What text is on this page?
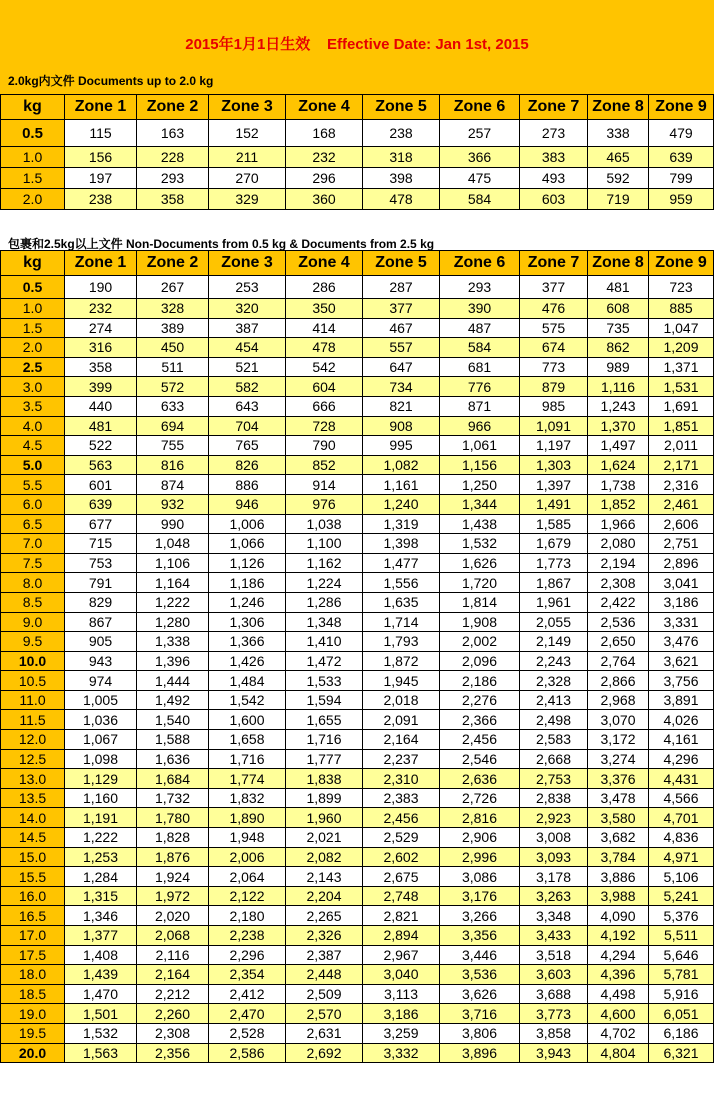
2015年1月1日生效    Effective Date: Jan 1st, 2015
2.0kg内文件 Documents up to 2.0 kg
kg	Zone 1	Zone 2	Zone 3	Zone 4	Zone 5	Zone 6	Zone 7	Zone 8	Zone 9
0.5	115	163	152	168	238	257	273	338	479
1.0	156	228	211	232	318	366	383	465	639
1.5	197	293	270	296	398	475	493	592	799
2.0	238	358	329	360	478	584	603	719	959
包裹和2.5kg以上文件 Non-Documents from 0.5 kg & Documents from 2.5 kg
kg	Zone 1	Zone 2	Zone 3	Zone 4	Zone 5	Zone 6	Zone 7	Zone 8	Zone 9
0.5	190	267	253	286	287	293	377	481	723
1.0	232	328	320	350	377	390	476	608	885
1.5	274	389	387	414	467	487	575	735	1,047
2.0	316	450	454	478	557	584	674	862	1,209
2.5	358	511	521	542	647	681	773	989	1,371
3.0	399	572	582	604	734	776	879	1,116	1,531
3.5	440	633	643	666	821	871	985	1,243	1,691
4.0	481	694	704	728	908	966	1,091	1,370	1,851
4.5	522	755	765	790	995	1,061	1,197	1,497	2,011
5.0	563	816	826	852	1,082	1,156	1,303	1,624	2,171
5.5	601	874	886	914	1,161	1,250	1,397	1,738	2,316
6.0	639	932	946	976	1,240	1,344	1,491	1,852	2,461
6.5	677	990	1,006	1,038	1,319	1,438	1,585	1,966	2,606
7.0	715	1,048	1,066	1,100	1,398	1,532	1,679	2,080	2,751
7.5	753	1,106	1,126	1,162	1,477	1,626	1,773	2,194	2,896
8.0	791	1,164	1,186	1,224	1,556	1,720	1,867	2,308	3,041
8.5	829	1,222	1,246	1,286	1,635	1,814	1,961	2,422	3,186
9.0	867	1,280	1,306	1,348	1,714	1,908	2,055	2,536	3,331
9.5	905	1,338	1,366	1,410	1,793	2,002	2,149	2,650	3,476
10.0	943	1,396	1,426	1,472	1,872	2,096	2,243	2,764	3,621
10.5	974	1,444	1,484	1,533	1,945	2,186	2,328	2,866	3,756
11.0	1,005	1,492	1,542	1,594	2,018	2,276	2,413	2,968	3,891
11.5	1,036	1,540	1,600	1,655	2,091	2,366	2,498	3,070	4,026
12.0	1,067	1,588	1,658	1,716	2,164	2,456	2,583	3,172	4,161
12.5	1,098	1,636	1,716	1,777	2,237	2,546	2,668	3,274	4,296
13.0	1,129	1,684	1,774	1,838	2,310	2,636	2,753	3,376	4,431
13.5	1,160	1,732	1,832	1,899	2,383	2,726	2,838	3,478	4,566
14.0	1,191	1,780	1,890	1,960	2,456	2,816	2,923	3,580	4,701
14.5	1,222	1,828	1,948	2,021	2,529	2,906	3,008	3,682	4,836
15.0	1,253	1,876	2,006	2,082	2,602	2,996	3,093	3,784	4,971
15.5	1,284	1,924	2,064	2,143	2,675	3,086	3,178	3,886	5,106
16.0	1,315	1,972	2,122	2,204	2,748	3,176	3,263	3,988	5,241
16.5	1,346	2,020	2,180	2,265	2,821	3,266	3,348	4,090	5,376
17.0	1,377	2,068	2,238	2,326	2,894	3,356	3,433	4,192	5,511
17.5	1,408	2,116	2,296	2,387	2,967	3,446	3,518	4,294	5,646
18.0	1,439	2,164	2,354	2,448	3,040	3,536	3,603	4,396	5,781
18.5	1,470	2,212	2,412	2,509	3,113	3,626	3,688	4,498	5,916
19.0	1,501	2,260	2,470	2,570	3,186	3,716	3,773	4,600	6,051
19.5	1,532	2,308	2,528	2,631	3,259	3,806	3,858	4,702	6,186
20.0	1,563	2,356	2,586	2,692	3,332	3,896	3,943	4,804	6,321
